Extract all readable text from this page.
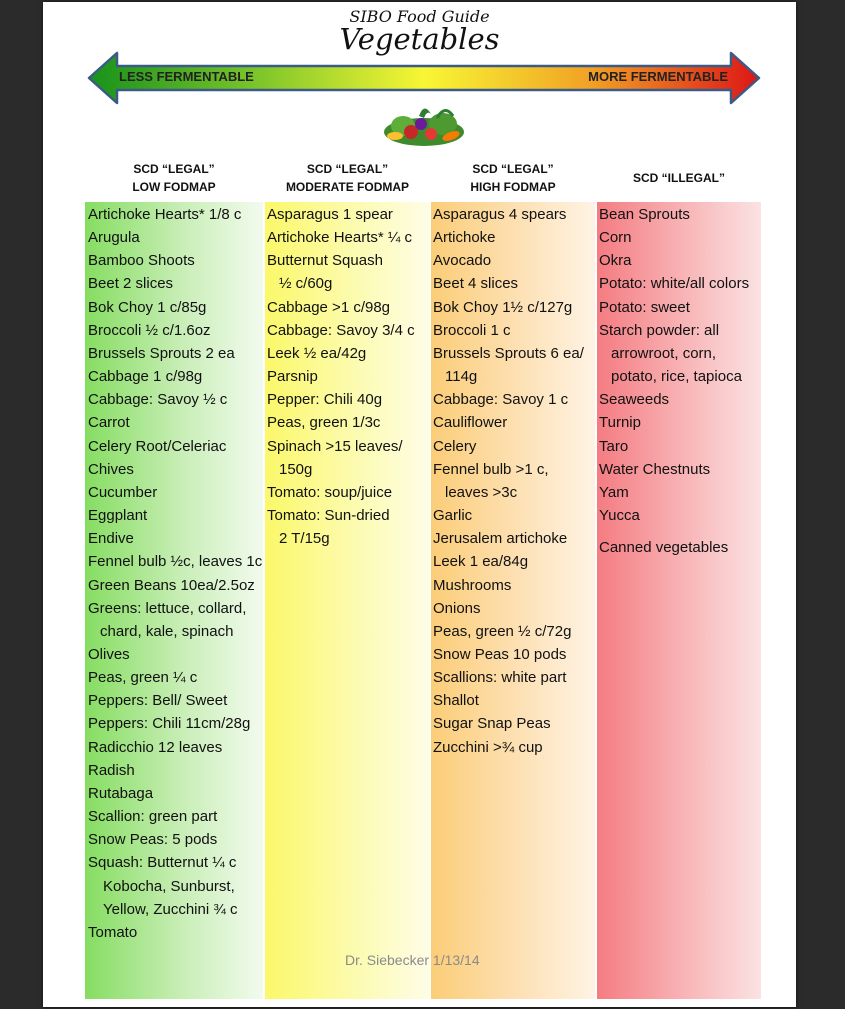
SIBO Food Guide
Vegetables
LESS FERMENTABLE	MORE FERMENTABLE
SCD “LEGAL”
LOW FODMAP
SCD “LEGAL”
MODERATE FODMAP
SCD “LEGAL”
HIGH FODMAP
SCD “ILLEGAL”
Artichoke Hearts* 1/8 c
Arugula
Bamboo Shoots
Beet 2 slices
Bok Choy 1 c/85g
Broccoli ½ c/1.6oz
Brussels Sprouts 2 ea
Cabbage 1 c/98g
Cabbage: Savoy ½ c
Carrot
Celery Root/Celeriac
Chives
Cucumber
Eggplant
Endive
Fennel bulb ½c, leaves 1c
Green Beans 10ea/2.5oz
Greens: lettuce, collard,
chard, kale, spinach
Olives
Peas, green ¼ c
Peppers: Bell/ Sweet
Peppers: Chili 11cm/28g
Radicchio 12 leaves
Radish
Rutabaga
Scallion: green part
Snow Peas: 5 pods
Squash: Butternut ¼ c
Kobocha, Sunburst,
Yellow, Zucchini ¾ c
Tomato
Asparagus 1 spear
Artichoke Hearts* ¼ c
Butternut Squash
½ c/60g
Cabbage >1 c/98g
Cabbage: Savoy 3/4 c
Leek ½ ea/42g
Parsnip
Pepper: Chili 40g
Peas, green 1/3c
Spinach >15 leaves/
150g
Tomato: soup/juice
Tomato: Sun-dried
2 T/15g
Asparagus 4 spears
Artichoke
Avocado
Beet 4 slices
Bok Choy 1½ c/127g
Broccoli 1 c
Brussels Sprouts 6 ea/
114g
Cabbage: Savoy 1 c
Cauliflower
Celery
Fennel bulb >1 c,
leaves >3c
Garlic
Jerusalem artichoke
Leek 1 ea/84g
Mushrooms
Onions
Peas, green ½ c/72g
Snow Peas 10 pods
Scallions: white part
Shallot
Sugar Snap Peas
Zucchini >¾ cup
Bean Sprouts
Corn
Okra
Potato: white/all colors
Potato: sweet
Starch powder: all
arrowroot, corn,
potato, rice, tapioca
Seaweeds
Turnip
Taro
Water Chestnuts
Yam
Yucca
Canned vegetables
Dr. Siebecker 1/13/14
